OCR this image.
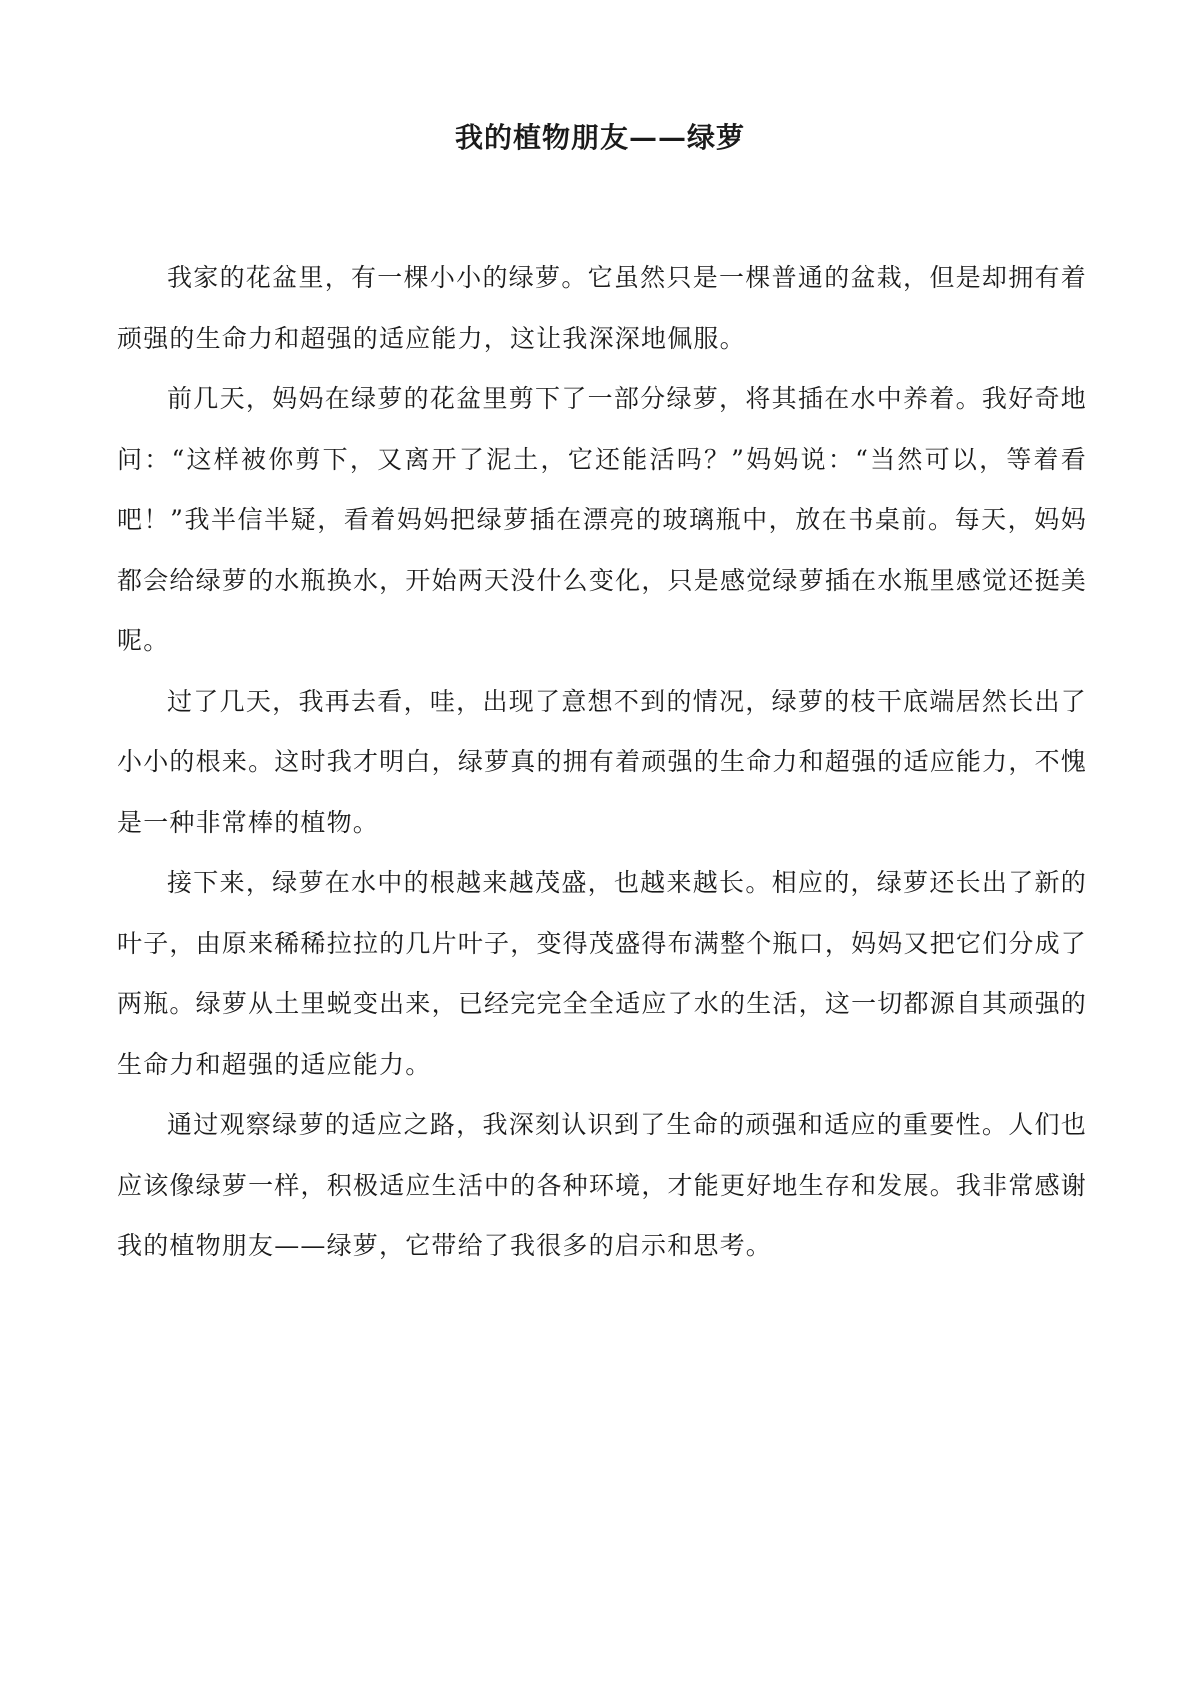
我的植物朋友——绿萝

我家的花盆里，有一棵小小的绿萝。它虽然只是一棵普通的盆栽，但是却拥有着顽强的生命力和超强的适应能力，这让我深深地佩服。

前几天，妈妈在绿萝的花盆里剪下了一部分绿萝，将其插在水中养着。我好奇地问：“这样被你剪下，又离开了泥土，它还能活吗？”妈妈说：“当然可以，等着看吧！”我半信半疑，看着妈妈把绿萝插在漂亮的玻璃瓶中，放在书桌前。每天，妈妈都会给绿萝的水瓶换水，开始两天没什么变化，只是感觉绿萝插在水瓶里感觉还挺美呢。

过了几天，我再去看，哇，出现了意想不到的情况，绿萝的枝干底端居然长出了小小的根来。这时我才明白，绿萝真的拥有着顽强的生命力和超强的适应能力，不愧是一种非常棒的植物。

接下来，绿萝在水中的根越来越茂盛，也越来越长。相应的，绿萝还长出了新的叶子，由原来稀稀拉拉的几片叶子，变得茂盛得布满整个瓶口，妈妈又把它们分成了两瓶。绿萝从土里蜕变出来，已经完完全全适应了水的生活，这一切都源自其顽强的生命力和超强的适应能力。

通过观察绿萝的适应之路，我深刻认识到了生命的顽强和适应的重要性。人们也应该像绿萝一样，积极适应生活中的各种环境，才能更好地生存和发展。我非常感谢我的植物朋友——绿萝，它带给了我很多的启示和思考。
